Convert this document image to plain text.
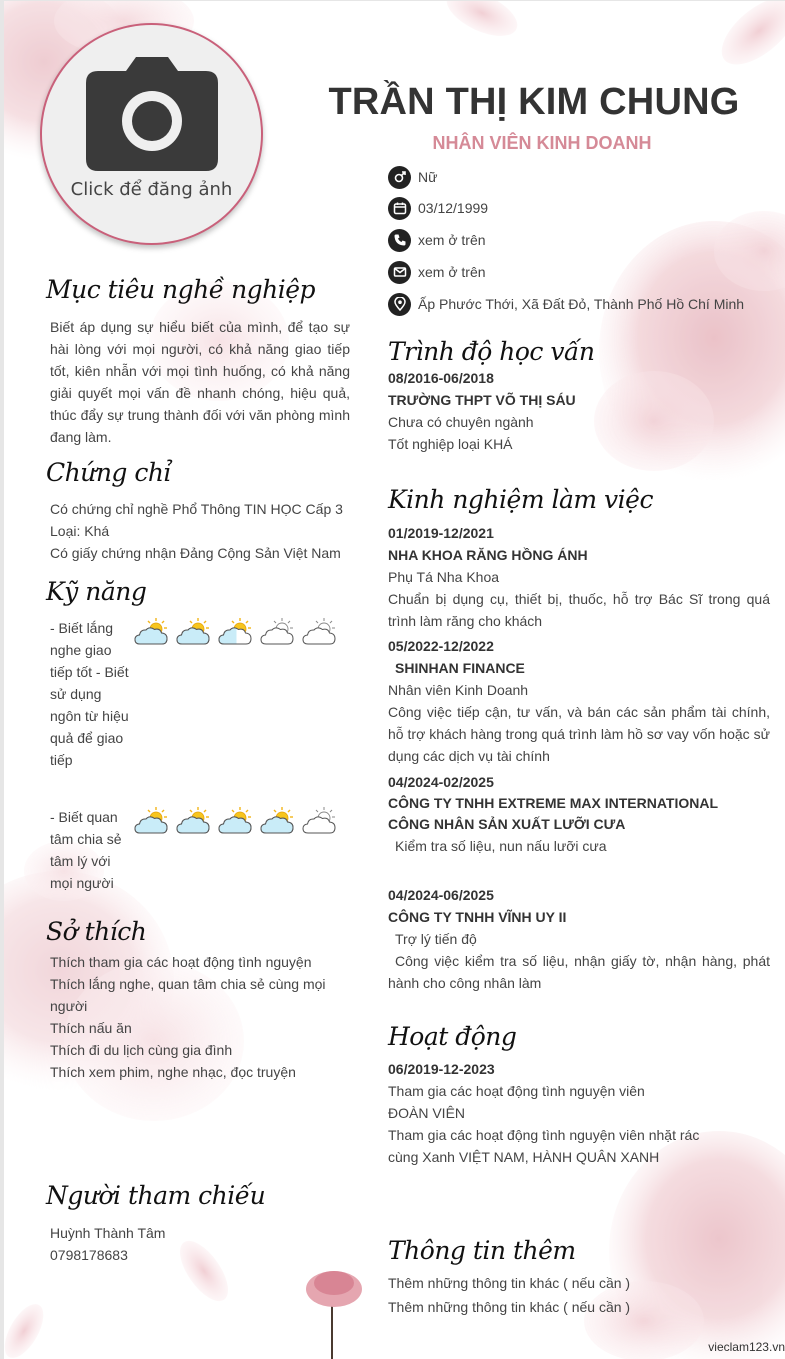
Click để đăng ảnh
TRẦN THỊ KIM CHUNG
NHÂN VIÊN KINH DOANH
Nữ
03/12/1999
xem ở trên
xem ở trên
Ấp Phước Thới, Xã Đất Đỏ, Thành Phố Hồ Chí Minh
Mục tiêu nghề nghiệp
Biết áp dụng sự hiểu biết của mình, để tạo sự hài lòng với mọi người, có khả năng giao tiếp tốt, kiên nhẫn với mọi tình huống, có khả năng giải quyết mọi vấn đề nhanh chóng, hiệu quả, thúc đẩy sự trung thành đối với văn phòng mình đang làm.
Chứng chỉ
Có chứng chỉ nghề Phổ Thông TIN HỌC Cấp 3
Loại: Khá
Có giấy chứng nhận Đảng Cộng Sản Việt Nam
Kỹ năng
- Biết lắng nghe giao tiếp tốt - Biết sử dụng ngôn từ hiệu quả để giao tiếp
- Biết quan tâm chia sẻ tâm lý với mọi người
Sở thích
Thích tham gia các hoạt động tình nguyện
Thích lắng nghe, quan tâm chia sẻ cùng mọi người
Thích nấu ăn
Thích đi du lịch cùng gia đình
Thích xem phim, nghe nhạc, đọc truyện
Người tham chiếu
Huỳnh Thành Tâm
0798178683
Trình độ học vấn
08/2016-06/2018
TRƯỜNG THPT VÕ THỊ SÁU
Chưa có chuyên ngành
Tốt nghiệp loại KHÁ
Kinh nghiệm làm việc
01/2019-12/2021
NHA KHOA RĂNG HỒNG ÁNH
Phụ Tá Nha Khoa
Chuẩn bị dụng cụ, thiết bị, thuốc, hỗ trợ Bác Sĩ trong quá trình làm răng cho khách
05/2022-12/2022
SHINHAN FINANCE
Nhân viên Kinh Doanh
Công việc tiếp cận, tư vấn, và bán các sản phẩm tài chính, hỗ trợ khách hàng trong quá trình làm hồ sơ vay vốn hoặc sử dụng các dịch vụ tài chính
04/2024-02/2025
CÔNG TY TNHH EXTREME MAX INTERNATIONAL
CÔNG NHÂN SẢN XUẤT LƯỠI CƯA
Kiểm tra số liệu, nun nấu lưỡi cưa
04/2024-06/2025
CÔNG TY TNHH VĨNH UY II
Trợ lý tiến độ
Công việc kiểm tra số liệu, nhận giấy tờ, nhận hàng, phát hành cho công nhân làm
Hoạt động
06/2019-12-2023
Tham gia các hoạt động tình nguyện viên
ĐOÀN VIÊN
Tham gia các hoạt động tình nguyện viên nhặt rác
cùng Xanh VIỆT NAM, HÀNH QUÂN XANH
Thông tin thêm
Thêm những thông tin khác ( nếu cần )
Thêm những thông tin khác ( nếu cần )
vieclam123.vn
